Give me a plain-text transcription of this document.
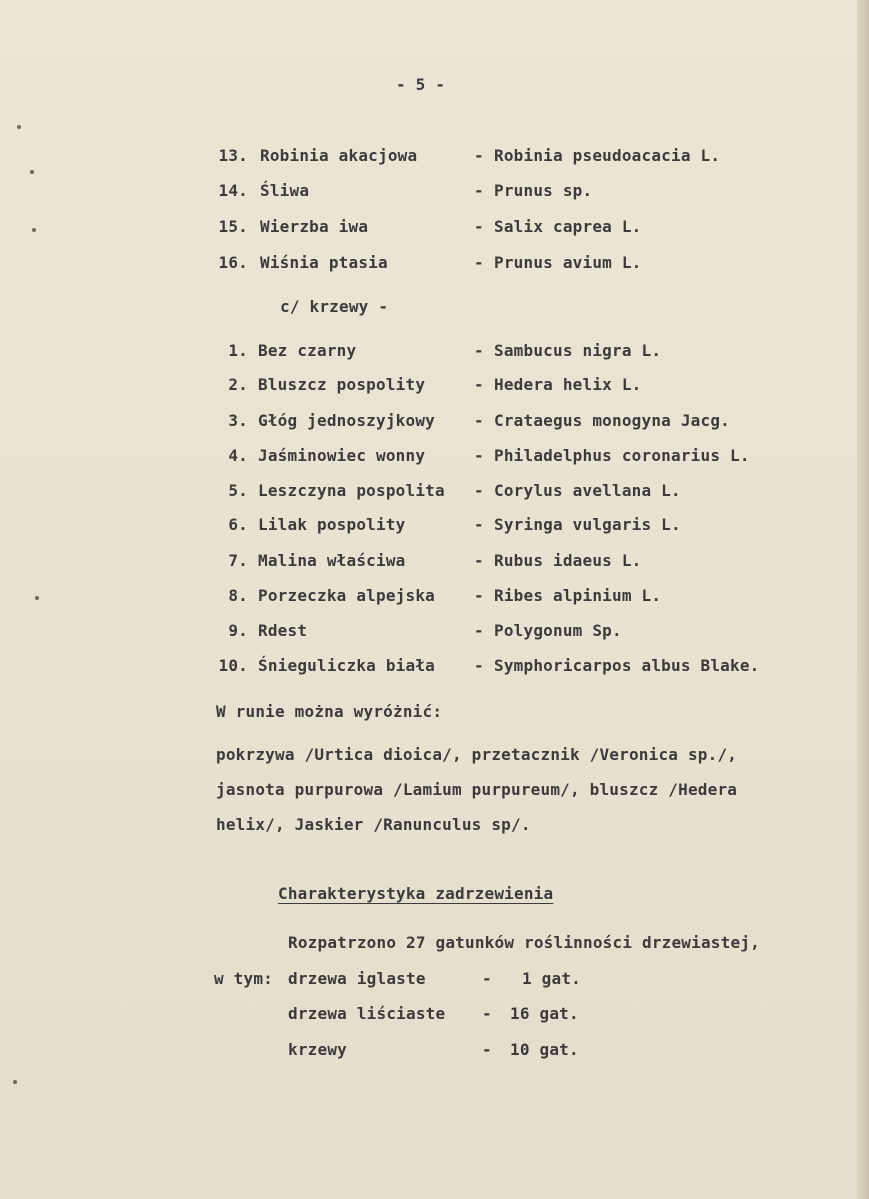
- 5 -
13. Robinia akacjowa	- Robinia pseudoacacia L.
14. Śliwa	- Prunus sp.
15. Wierzba iwa	- Salix caprea L.
16. Wiśnia ptasia	- Prunus avium L.
c/ krzewy -
1. Bez czarny	- Sambucus nigra L.
2. Bluszcz pospolity	- Hedera helix L.
3. Głóg jednoszyjkowy - Crataegus monogyna Jacg.
4. Jaśminowiec wonny	- Philadelphus coronarius L.
5. Leszczyna pospolita - Corylus avellana L.
6. Lilak pospolity	- Syringa vulgaris L.
7. Malina właściwa	- Rubus idaeus L.
8. Porzeczka alpejska - Ribes alpinium L.
9. Rdest	- Polygonum Sp.
10. Śnieguliczka biała - Symphoricarpos albus Blake.
W runie można wyróżnić:
pokrzywa /Urtica dioica/, przetacznik /Veronica sp./,
jasnota purpurowa /Lamium purpureum/, bluszcz /Hedera
helix/, Jaskier /Ranunculus sp/.
Charakterystyka zadrzewienia
Rozpatrzono 27 gatunków roślinności drzewiastej,
w tym: drzewa iglaste	- 1 gat.
drzewa liściaste - 16 gat.
krzewy	- 10 gat.
